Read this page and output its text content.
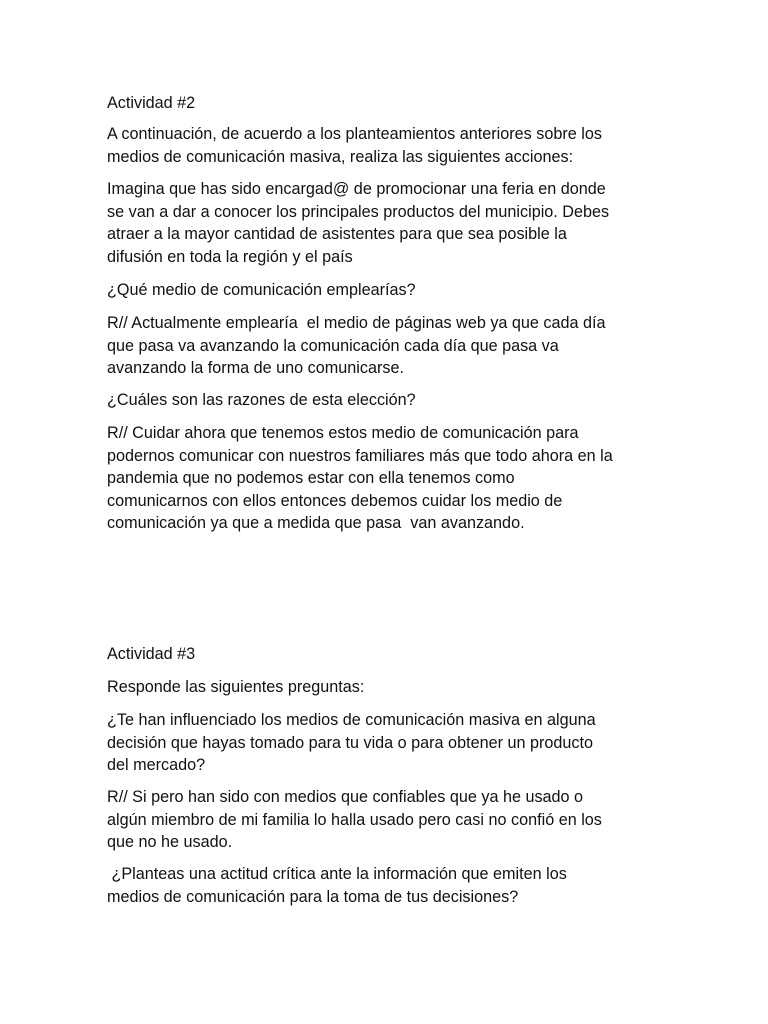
Actividad #2

A continuación, de acuerdo a los planteamientos anteriores sobre los
medios de comunicación masiva, realiza las siguientes acciones:

Imagina que has sido encargad@ de promocionar una feria en donde
se van a dar a conocer los principales productos del municipio. Debes
atraer a la mayor cantidad de asistentes para que sea posible la
difusión en toda la región y el país

¿Qué medio de comunicación emplearías?

R// Actualmente emplearía  el medio de páginas web ya que cada día
que pasa va avanzando la comunicación cada día que pasa va
avanzando la forma de uno comunicarse.

¿Cuáles son las razones de esta elección?

R// Cuidar ahora que tenemos estos medio de comunicación para
podernos comunicar con nuestros familiares más que todo ahora en la
pandemia que no podemos estar con ella tenemos como
comunicarnos con ellos entonces debemos cuidar los medio de
comunicación ya que a medida que pasa  van avanzando.

Actividad #3

Responde las siguientes preguntas:

¿Te han influenciado los medios de comunicación masiva en alguna
decisión que hayas tomado para tu vida o para obtener un producto
del mercado?

R// Si pero han sido con medios que confiables que ya he usado o
algún miembro de mi familia lo halla usado pero casi no confió en los
que no he usado.

¿Planteas una actitud crítica ante la información que emiten los
medios de comunicación para la toma de tus decisiones?
